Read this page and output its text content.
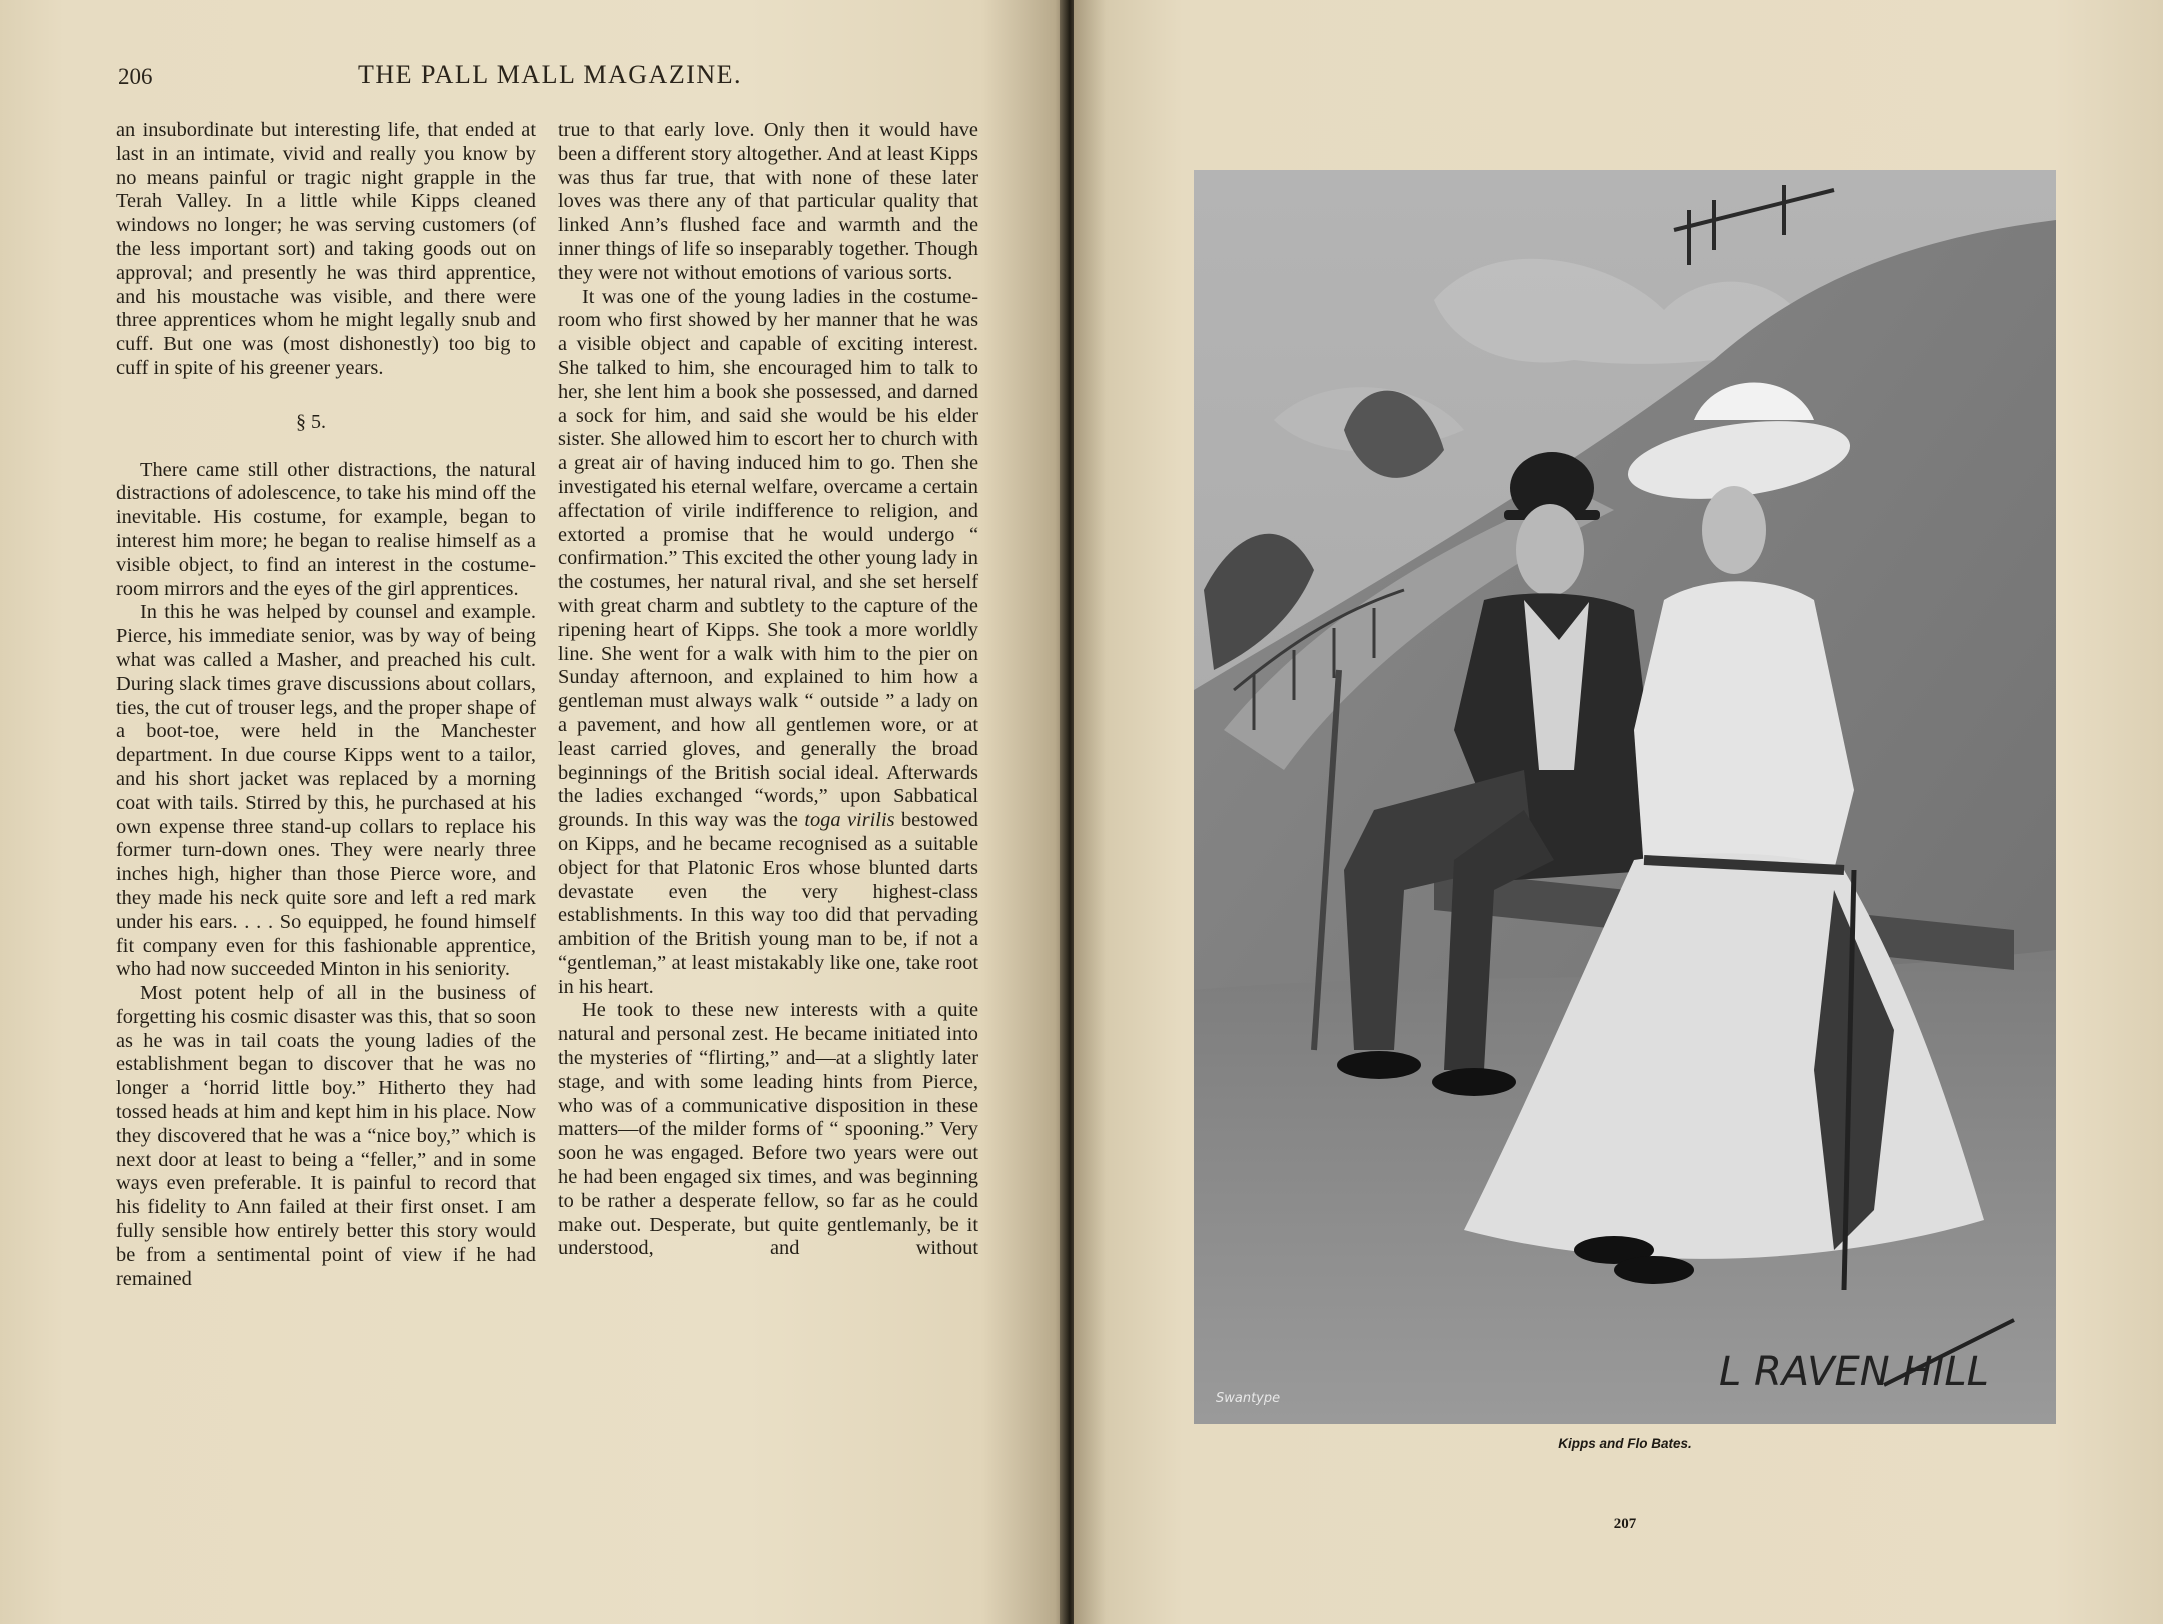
206	THE PALL MALL MAGAZINE.

an insubordinate but interesting life, that ended at last in an intimate, vivid and really you know by no means painful or tragic night grapple in the Terah Valley. In a little while Kipps cleaned windows no longer; he was serving customers (of the less important sort) and taking goods out on approval; and presently he was third apprentice, and his moustache was visible, and there were three apprentices whom he might legally snub and cuff. But one was (most dishonestly) too big to cuff in spite of his greener years.

§ 5.

There came still other distractions, the natural distractions of adolescence, to take his mind off the inevitable. His costume, for example, began to interest him more; he began to realise himself as a visible object, to find an interest in the costume-room mirrors and the eyes of the girl apprentices.

In this he was helped by counsel and example. Pierce, his immediate senior, was by way of being what was called a Masher, and preached his cult. During slack times grave discussions about collars, ties, the cut of trouser legs, and the proper shape of a boot-toe, were held in the Manchester department. In due course Kipps went to a tailor, and his short jacket was replaced by a morning coat with tails. Stirred by this, he purchased at his own expense three stand-up collars to replace his former turn-down ones. They were nearly three inches high, higher than those Pierce wore, and they made his neck quite sore and left a red mark under his ears. . . . So equipped, he found himself fit company even for this fashionable apprentice, who had now succeeded Minton in his seniority.

Most potent help of all in the business of forgetting his cosmic disaster was this, that so soon as he was in tail coats the young ladies of the establishment began to discover that he was no longer a ‘horrid little boy.” Hitherto they had tossed heads at him and kept him in his place. Now they discovered that he was a “nice boy,” which is next door at least to being a “feller,” and in some ways even preferable. It is painful to record that his fidelity to Ann failed at their first onset. I am fully sensible how entirely better this story would be from a sentimental point of view if he had remained

true to that early love. Only then it would have been a different story altogether. And at least Kipps was thus far true, that with none of these later loves was there any of that particular quality that linked Ann’s flushed face and warmth and the inner things of life so inseparably together. Though they were not without emotions of various sorts.

It was one of the young ladies in the costume-room who first showed by her manner that he was a visible object and capable of exciting interest. She talked to him, she encouraged him to talk to her, she lent him a book she possessed, and darned a sock for him, and said she would be his elder sister. She allowed him to escort her to church with a great air of having induced him to go. Then she investigated his eternal welfare, overcame a certain affectation of virile indifference to religion, and extorted a promise that he would undergo “ confirmation.” This excited the other young lady in the costumes, her natural rival, and she set herself with great charm and subtlety to the capture of the ripening heart of Kipps. She took a more worldly line. She went for a walk with him to the pier on Sunday afternoon, and explained to him how a gentleman must always walk “ outside ” a lady on a pavement, and how all gentlemen wore, or at least carried gloves, and generally the broad beginnings of the British social ideal. Afterwards the ladies exchanged “words,” upon Sabbatical grounds. In this way was the toga virilis bestowed on Kipps, and he became recognised as a suitable object for that Platonic Eros whose blunted darts devastate even the very highest-class establishments. In this way too did that pervading ambition of the British young man to be, if not a “gentleman,” at least mistakably like one, take root in his heart.

He took to these new interests with a quite natural and personal zest. He became initiated into the mysteries of “flirting,” and—at a slightly later stage, and with some leading hints from Pierce, who was of a communicative disposition in these matters—of the milder forms of “ spooning.” Very soon he was engaged. Before two years were out he had been engaged six times, and was beginning to be rather a desperate fellow, so far as he could make out. Desperate, but quite gentlemanly, be it understood, and without

L RAVEN HILL
Swantype
Kipps and Flo Bates.
207
